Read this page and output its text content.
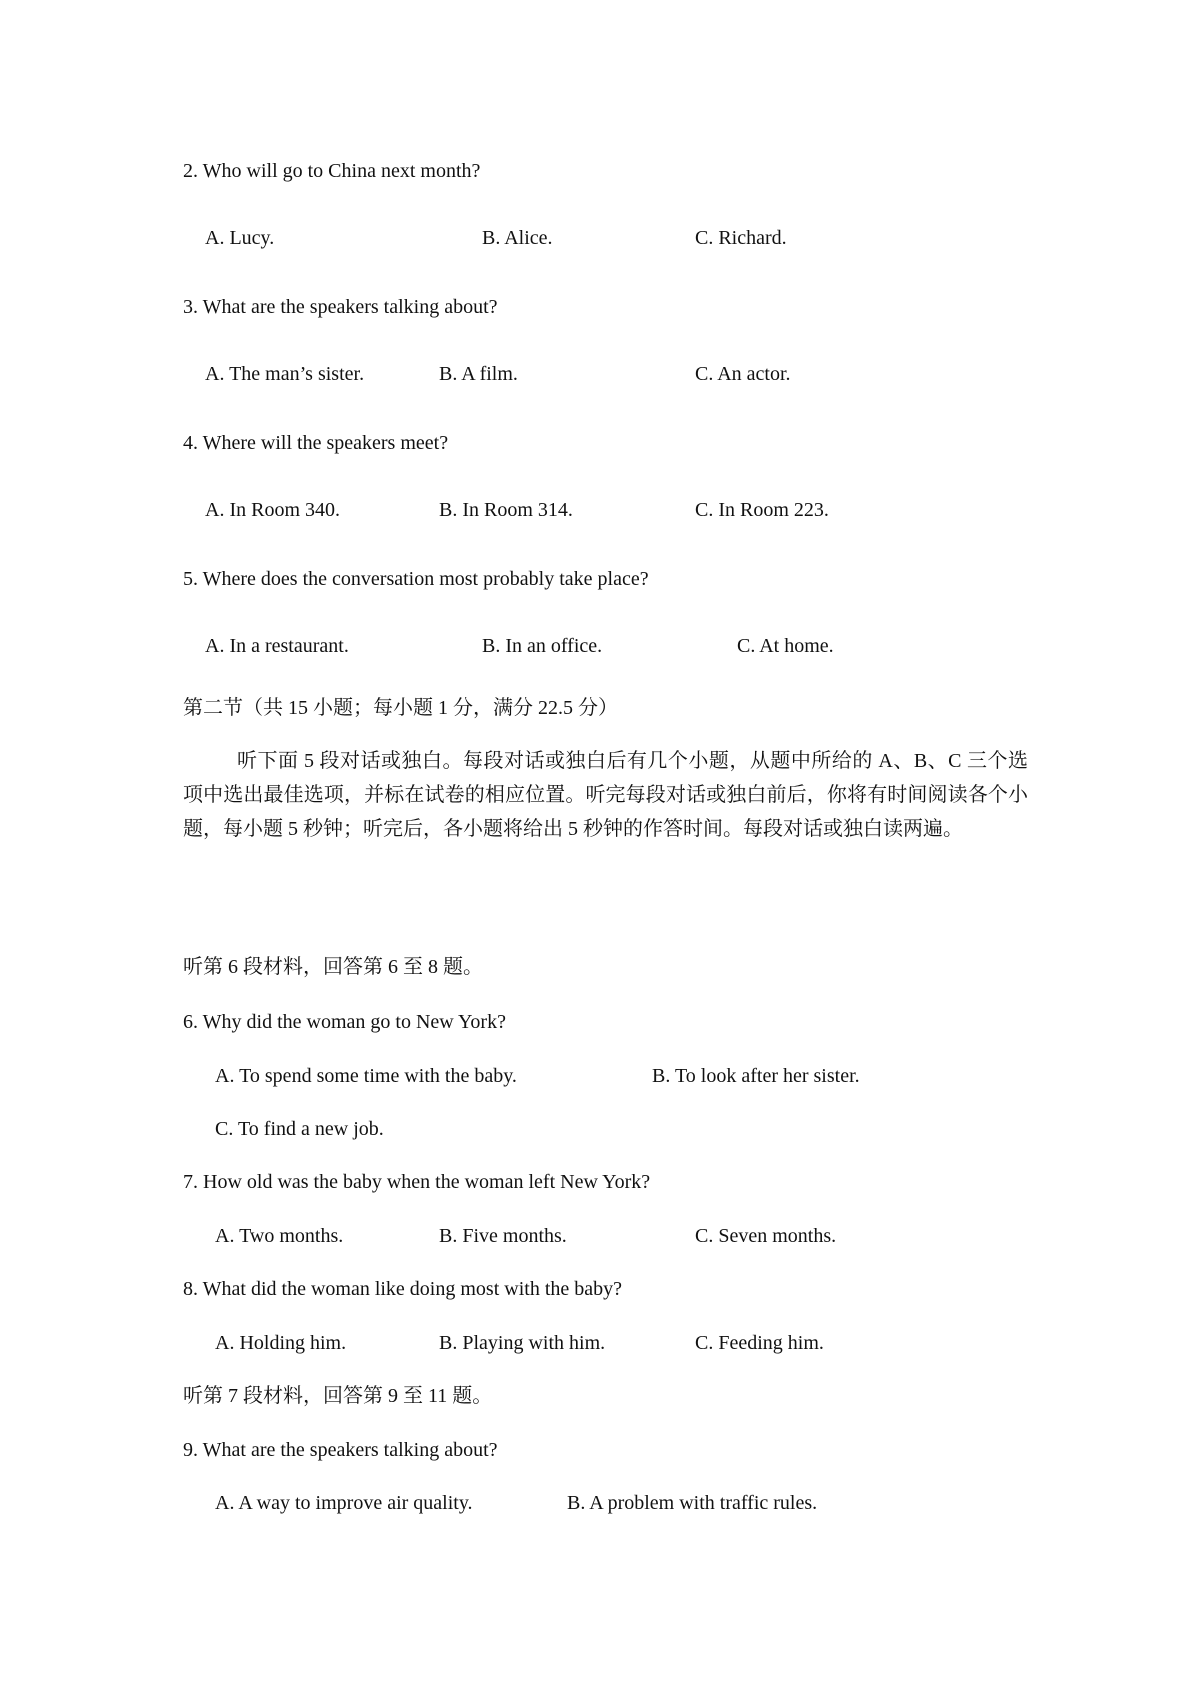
2. Who will go to China next month?
A. Lucy.	B. Alice.	C. Richard.
3. What are the speakers talking about?
A. The man’s sister.	B. A film.	C. An actor.
4. Where will the speakers meet?
A. In Room 340.	B. In Room 314.	C. In Room 223.
5. Where does the conversation most probably take place?
A. In a restaurant.	B. In an office.	C. At home.
第二节（共 15 小题；每小题 1 分，满分 22.5 分）
听下面 5 段对话或独白。每段对话或独白后有几个小题，从题中所给的 A、B、C 三个选项中选出最佳选项，并标在试卷的相应位置。听完每段对话或独白前后，你将有时间阅读各个小题，每小题 5 秒钟；听完后，各小题将给出 5 秒钟的作答时间。每段对话或独白读两遍。
听第 6 段材料，回答第 6 至 8 题。
6. Why did the woman go to New York?
A. To spend some time with the baby.	B. To look after her sister.
C. To find a new job.
7. How old was the baby when the woman left New York?
A. Two months.	B. Five months.	C. Seven months.
8. What did the woman like doing most with the baby?
A. Holding him.	B. Playing with him.	C. Feeding him.
听第 7 段材料，回答第 9 至 11 题。
9. What are the speakers talking about?
A. A way to improve air quality.	B. A problem with traffic rules.
